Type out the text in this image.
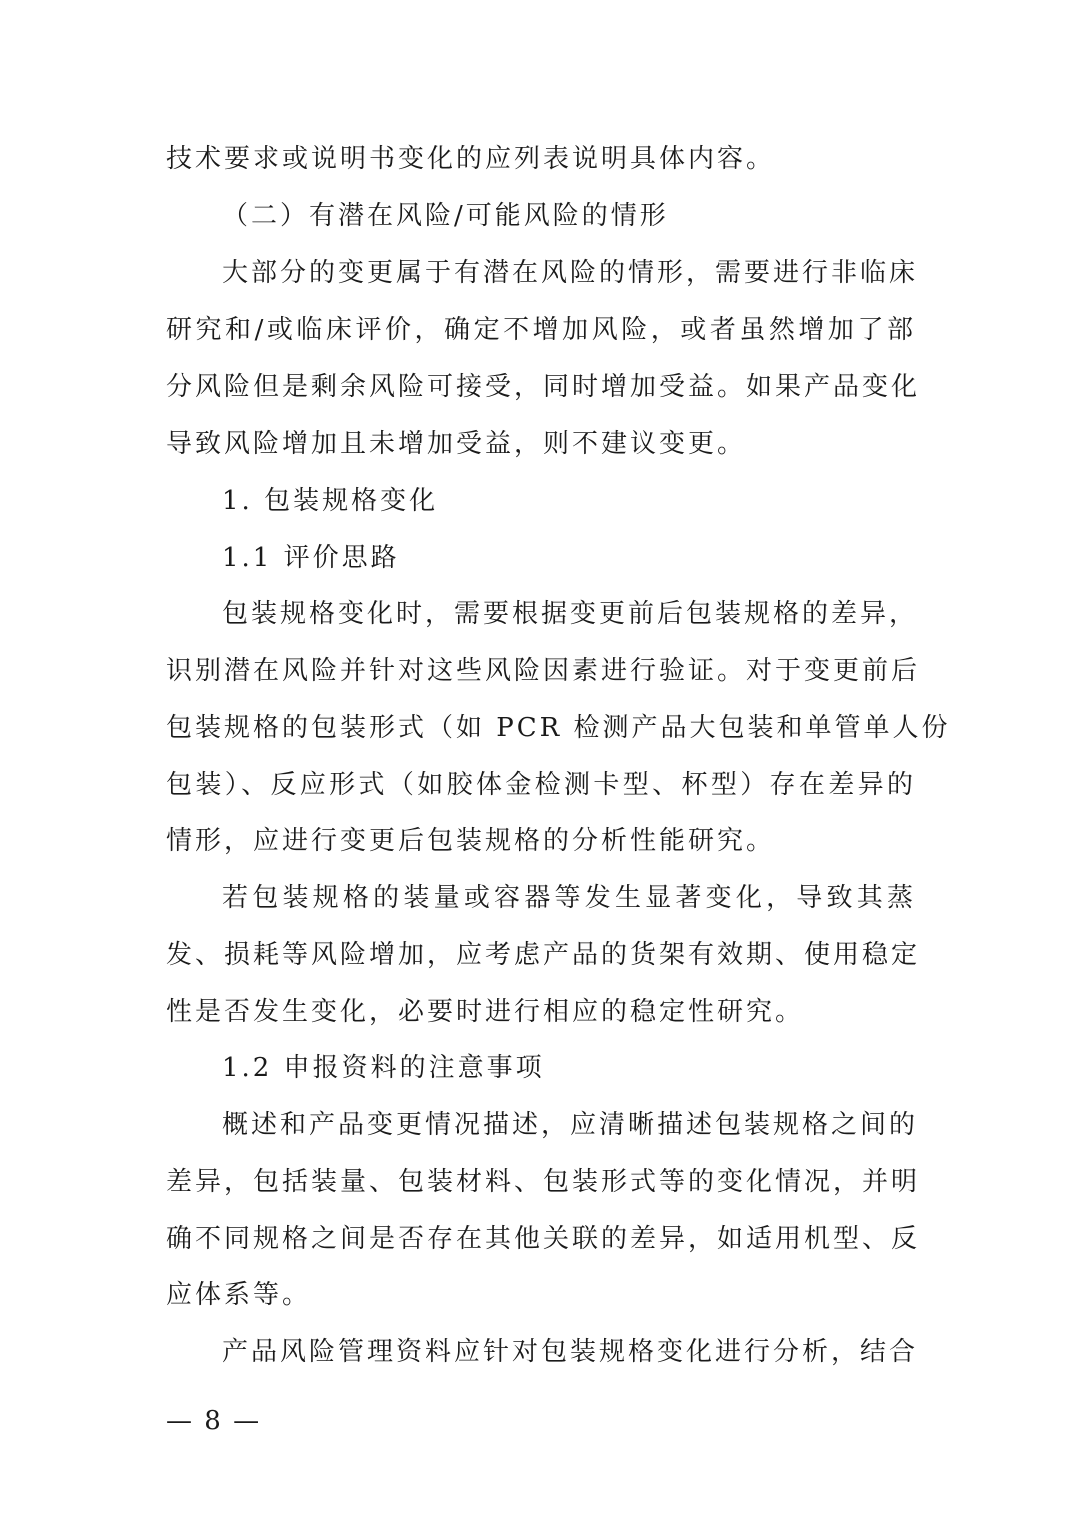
技术要求或说明书变化的应列表说明具体内容。
（二）有潜在风险/可能风险的情形
大部分的变更属于有潜在风险的情形，需要进行非临床
研究和/或临床评价，确定不增加风险，或者虽然增加了部
分风险但是剩余风险可接受，同时增加受益。如果产品变化
导致风险增加且未增加受益，则不建议变更。
1. 包装规格变化
1.1 评价思路
包装规格变化时，需要根据变更前后包装规格的差异，
识别潜在风险并针对这些风险因素进行验证。对于变更前后
包装规格的包装形式（如 PCR 检测产品大包装和单管单人份
包装）、反应形式（如胶体金检测卡型、杯型）存在差异的
情形，应进行变更后包装规格的分析性能研究。
若包装规格的装量或容器等发生显著变化，导致其蒸
发、损耗等风险增加，应考虑产品的货架有效期、使用稳定
性是否发生变化，必要时进行相应的稳定性研究。
1.2 申报资料的注意事项
概述和产品变更情况描述，应清晰描述包装规格之间的
差异，包括装量、包装材料、包装形式等的变化情况，并明
确不同规格之间是否存在其他关联的差异，如适用机型、反
应体系等。
产品风险管理资料应针对包装规格变化进行分析，结合
— 8 —
